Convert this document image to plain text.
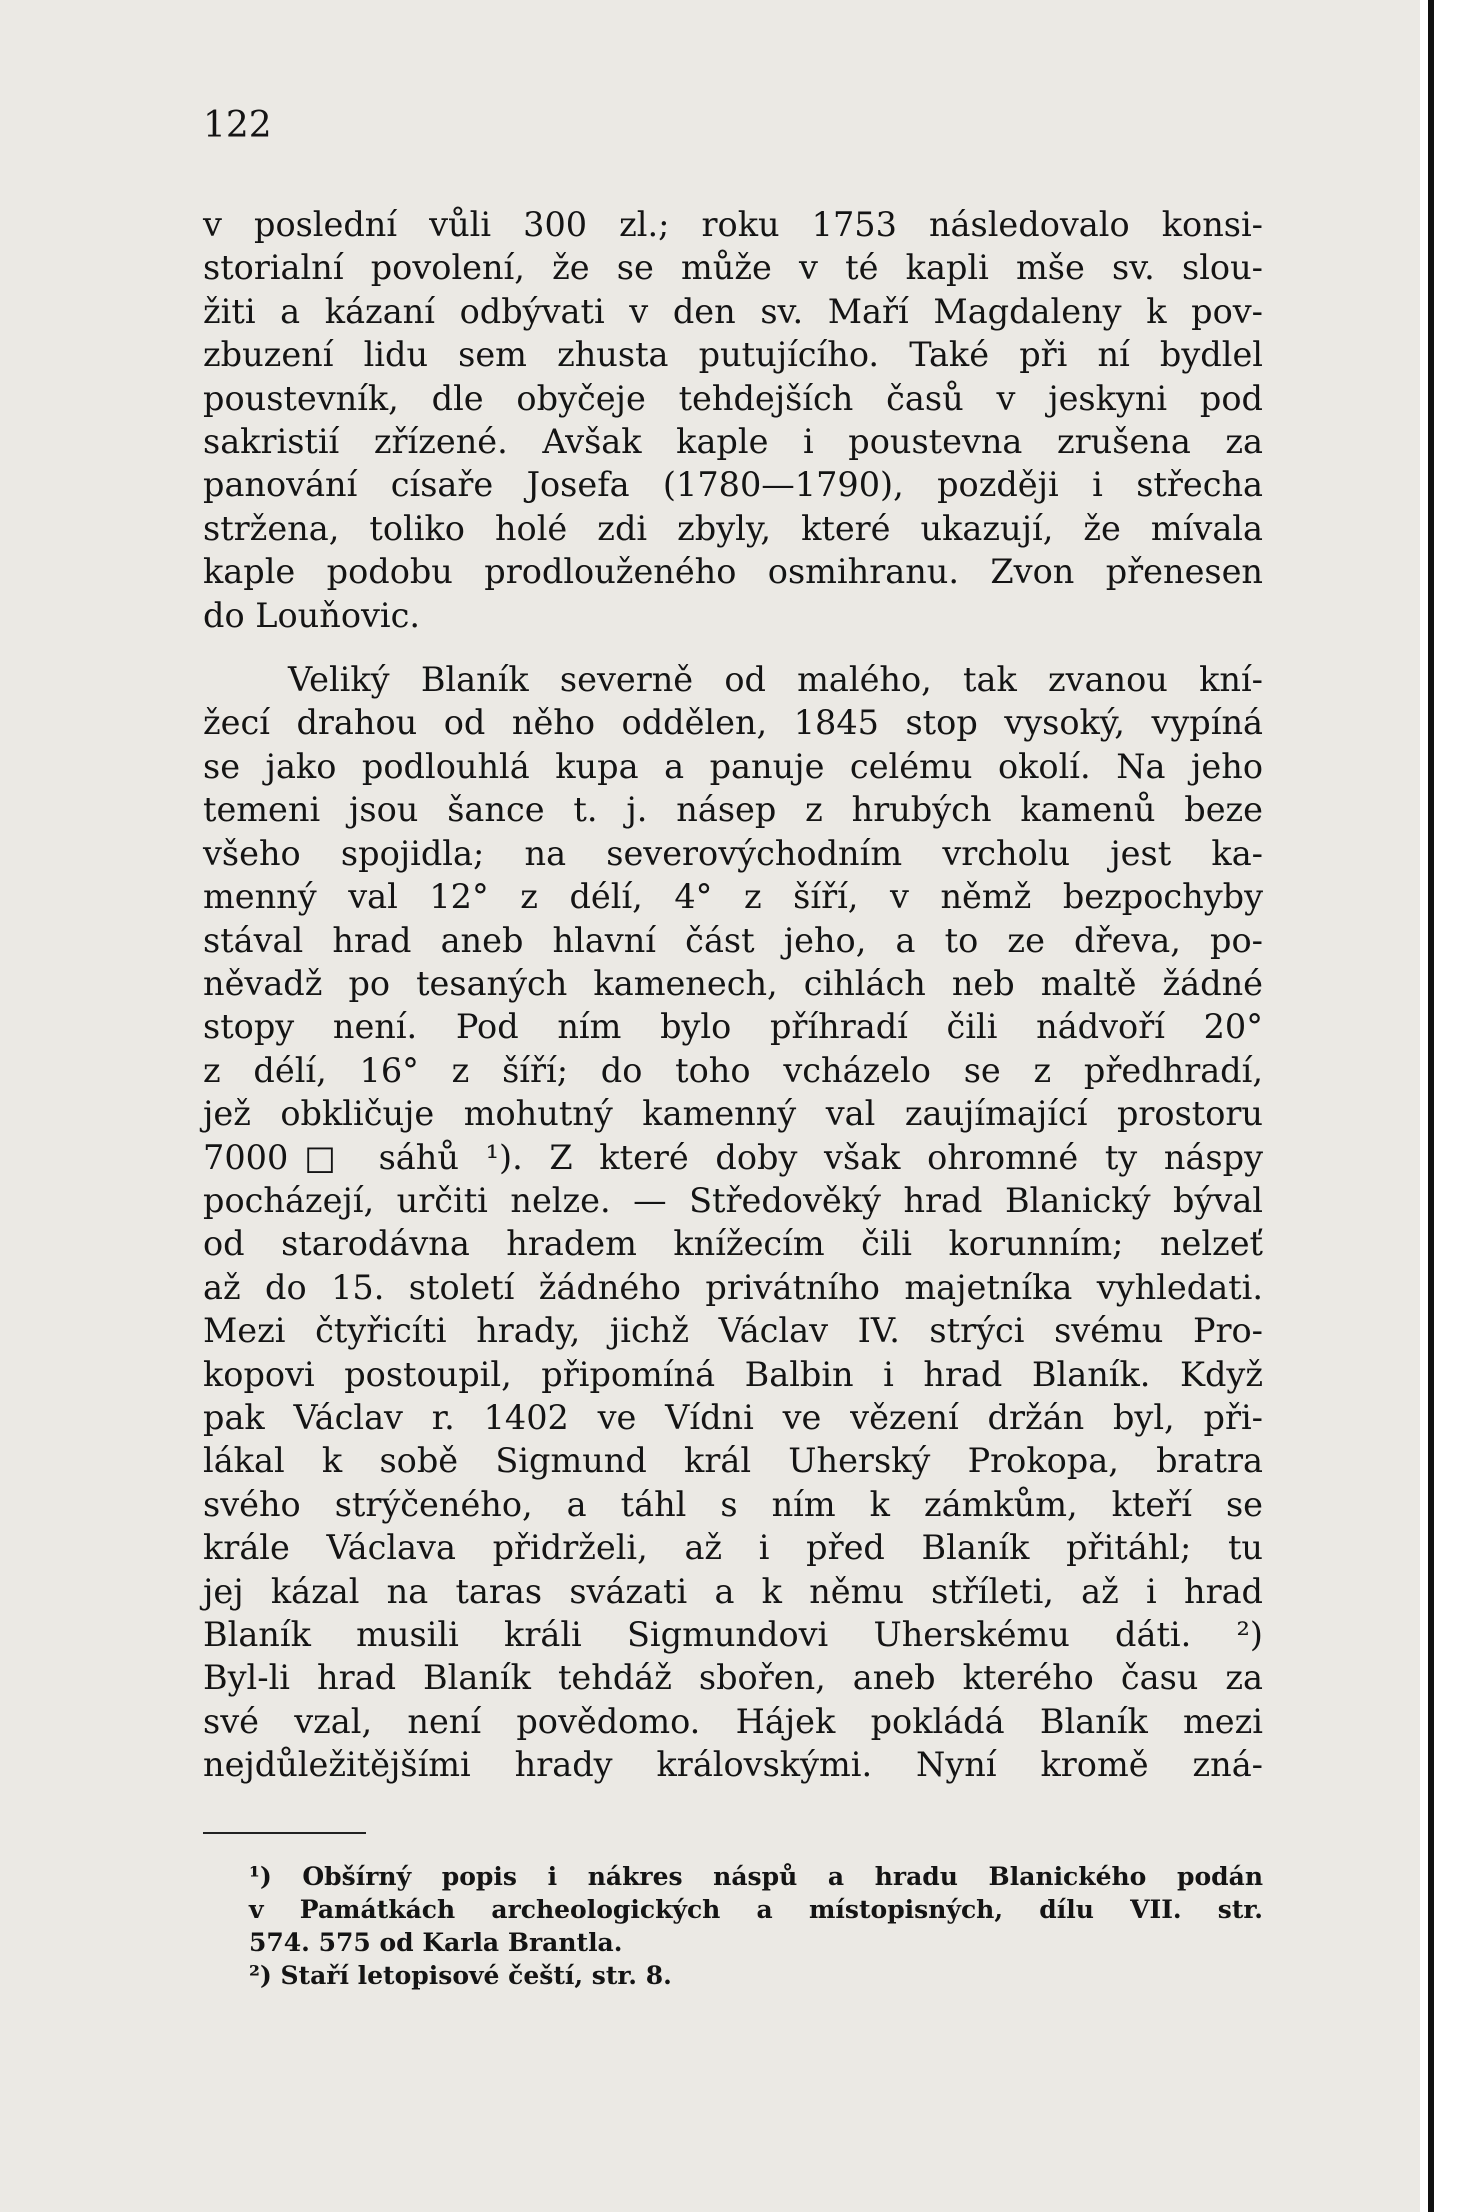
122
v poslední vůli 300 zl.; roku 1753 následovalo konsi-
storialní povolení, že se může v té kapli mše sv. slou-
žiti a kázaní odbývati v den sv. Maří Magdaleny k pov-
zbuzení lidu sem zhusta putujícího. Také při ní bydlel
poustevník, dle obyčeje tehdejších časů v jeskyni pod
sakristií zřízené. Avšak kaple i poustevna zrušena za
panování císaře Josefa (1780—1790), později i střecha
stržena, toliko holé zdi zbyly, které ukazují, že mívala
kaple podobu prodlouženého osmihranu. Zvon přenesen
do Louňovic.
Veliký Blaník severně od malého, tak zvanou kní-
žecí drahou od něho oddělen, 1845 stop vysoký, vypíná
se jako podlouhlá kupa a panuje celému okolí. Na jeho
temeni jsou šance t. j. násep z hrubých kamenů beze
všeho spojidla; na severovýchodním vrcholu jest ka-
menný val 12° z délí, 4° z šíří, v němž bezpochyby
stával hrad aneb hlavní část jeho, a to ze dřeva, po-
něvadž po tesaných kamenech, cihlách neb maltě žádné
stopy není. Pod ním bylo příhradí čili nádvoří 20°
z délí, 16° z šíří; do toho vcházelo se z předhradí,
jež obkličuje mohutný kamenný val zaujímající prostoru
7000□ sáhů ¹). Z které doby však ohromné ty náspy
pocházejí, určiti nelze. — Středověký hrad Blanický býval
od starodávna hradem knížecím čili korunním; nelzeť
až do 15. století žádného privátního majetníka vyhledati.
Mezi čtyřicíti hrady, jichž Václav IV. strýci svému Pro-
kopovi postoupil, připomíná Balbin i hrad Blaník. Když
pak Václav r. 1402 ve Vídni ve vězení držán byl, při-
lákal k sobě Sigmund král Uherský Prokopa, bratra
svého strýčeného, a táhl s ním k zámkům, kteří se
krále Václava přidrželi, až i před Blaník přitáhl; tu
jej kázal na taras svázati a k němu stříleti, až i hrad
Blaník musili králi Sigmundovi Uherskému dáti. ²)
Byl-li hrad Blaník tehdáž sbořen, aneb kterého času za
své vzal, není povědomo. Hájek pokládá Blaník mezi
nejdůležitějšími hrady královskými. Nyní kromě zná-
¹) Obšírný popis i nákres náspů a hradu Blanického podán
v Památkách archeologických a místopisných, dílu VII. str.
574. 575 od Karla Brantla.
²) Staří letopisové čeští, str. 8.
